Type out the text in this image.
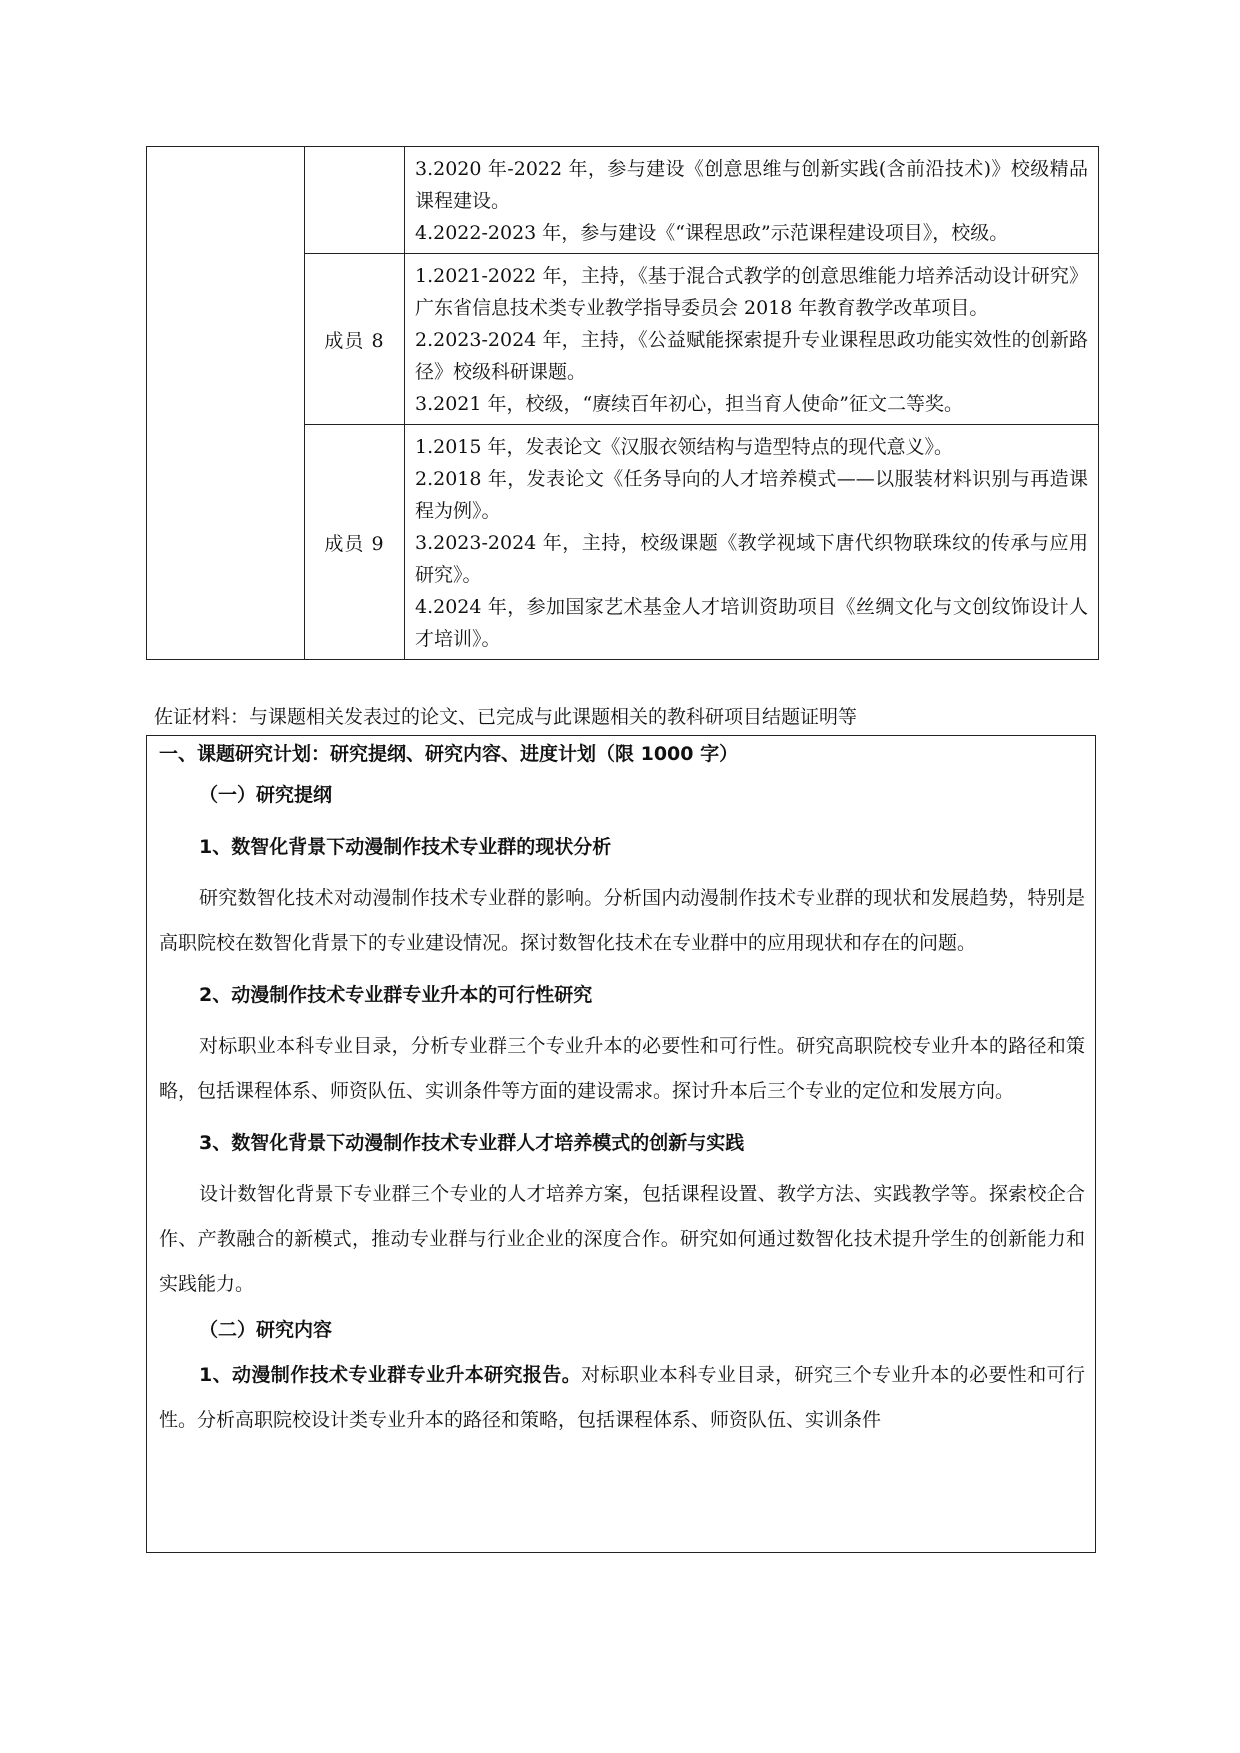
		3.2020 年-2022 年，参与建设《创意思维与创新实践(含前沿技术)》校级精品课程建设。

4.2022-2023 年，参与建设《“课程思政”示范课程建设项目》，校级。

	成员 8	1.2021-2022 年，主持，《基于混合式教学的创意思维能力培养活动设计研究》广东省信息技术类专业教学指导委员会 2018 年教育教学改革项目。

2.2023-2024 年，主持，《公益赋能探索提升专业课程思政功能实效性的创新路径》校级科研课题。

3.2021 年，校级，“赓续百年初心，担当育人使命”征文二等奖。

	成员 9	1.2015 年，发表论文《汉服衣领结构与造型特点的现代意义》。

2.2018 年，发表论文《任务导向的人才培养模式——以服装材料识别与再造课程为例》。

3.2023-2024 年，主持，校级课题《教学视域下唐代织物联珠纹的传承与应用研究》。

4.2024 年，参加国家艺术基金人才培训资助项目《丝绸文化与文创纹饰设计人才培训》。

佐证材料：与课题相关发表过的论文、已完成与此课题相关的教科研项目结题证明等

一、课题研究计划：研究提纲、研究内容、进度计划（限 1000 字）

（一）研究提纲

1、数智化背景下动漫制作技术专业群的现状分析

研究数智化技术对动漫制作技术专业群的影响。分析国内动漫制作技术专业群的现状和发展趋势，特别是高职院校在数智化背景下的专业建设情况。探讨数智化技术在专业群中的应用现状和存在的问题。

2、动漫制作技术专业群专业升本的可行性研究

对标职业本科专业目录，分析专业群三个专业升本的必要性和可行性。研究高职院校专业升本的路径和策略，包括课程体系、师资队伍、实训条件等方面的建设需求。探讨升本后三个专业的定位和发展方向。

3、数智化背景下动漫制作技术专业群人才培养模式的创新与实践

设计数智化背景下专业群三个专业的人才培养方案，包括课程设置、教学方法、实践教学等。探索校企合作、产教融合的新模式，推动专业群与行业企业的深度合作。研究如何通过数智化技术提升学生的创新能力和实践能力。

（二）研究内容

1、动漫制作技术专业群专业升本研究报告。对标职业本科专业目录，研究三个专业升本的必要性和可行性。分析高职院校设计类专业升本的路径和策略，包括课程体系、师资队伍、实训条件
